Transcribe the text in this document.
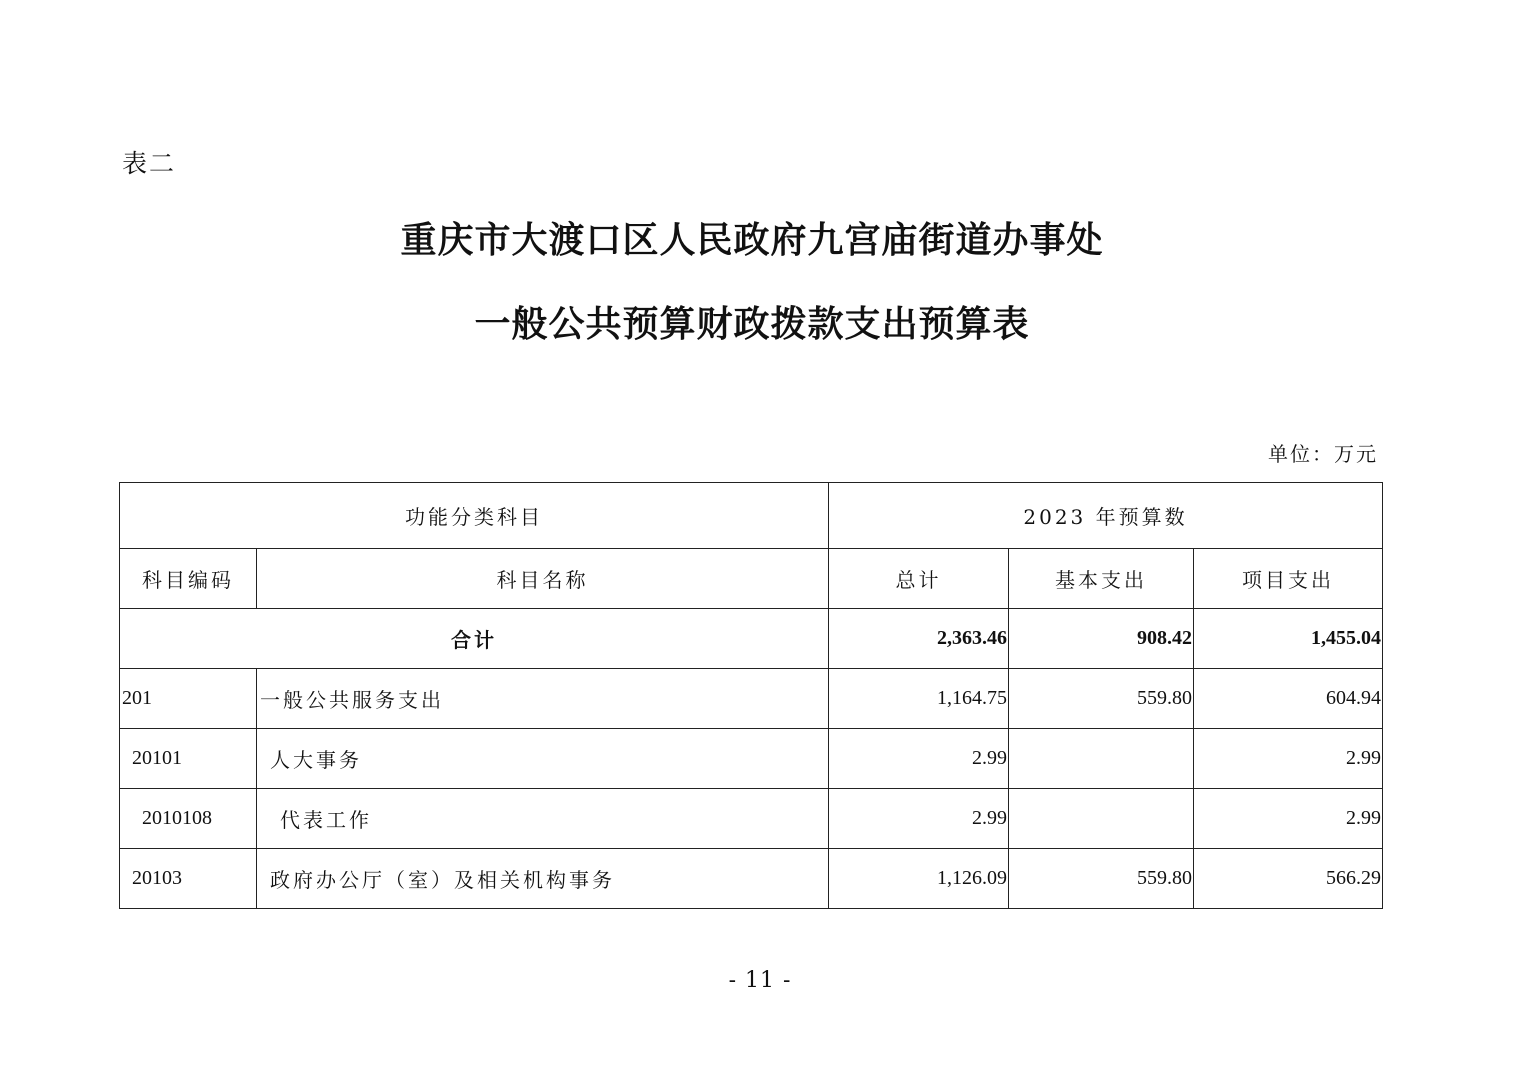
表二
重庆市大渡口区人民政府九宫庙街道办事处
一般公共预算财政拨款支出预算表
单位：万元
功能分类科目		2023 年预算数		
科目编码	科目名称	总计	基本支出	项目支出
合计		2,363.46	908.42	1,455.04
201	一般公共服务支出	1,164.75	559.80	604.94
20101	人大事务	2.99		2.99
2010108	代表工作	2.99		2.99
20103	政府办公厅（室）及相关机构事务	1,126.09	559.80	566.29
- 11 -
